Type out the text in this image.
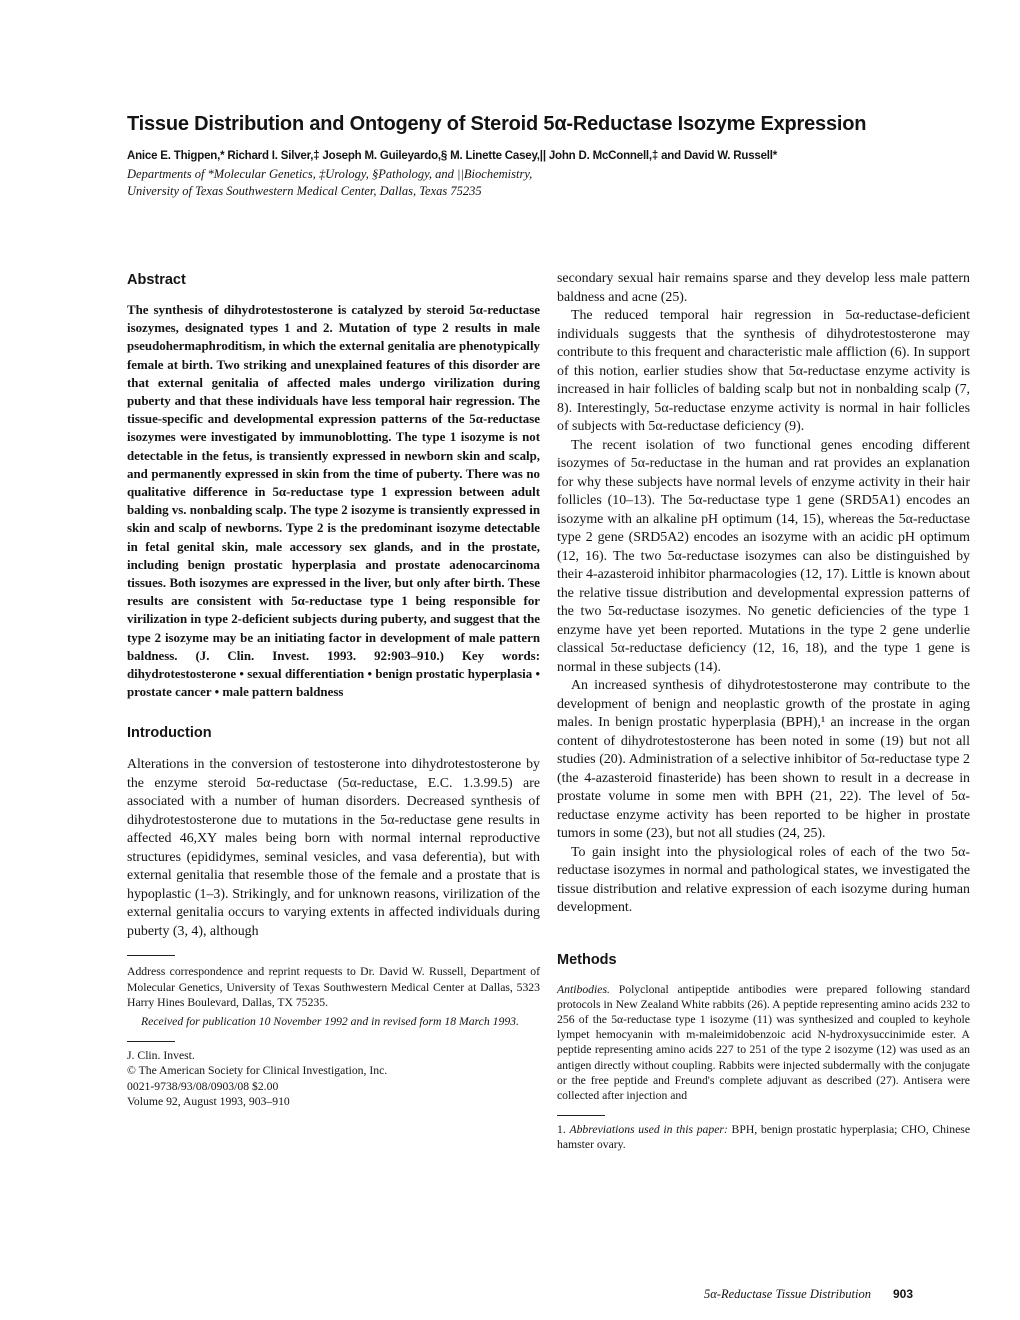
Tissue Distribution and Ontogeny of Steroid 5α-Reductase Isozyme Expression
Anice E. Thigpen,* Richard I. Silver,‡ Joseph M. Guileyardo,§ M. Linette Casey,|| John D. McConnell,‡ and David W. Russell*
Departments of *Molecular Genetics, ‡Urology, §Pathology, and ||Biochemistry,
University of Texas Southwestern Medical Center, Dallas, Texas 75235
Abstract

The synthesis of dihydrotestosterone is catalyzed by steroid 5α-reductase isozymes, designated types 1 and 2. Mutation of type 2 results in male pseudohermaphroditism, in which the external genitalia are phenotypically female at birth. Two striking and unexplained features of this disorder are that external genitalia of affected males undergo virilization during puberty and that these individuals have less temporal hair regression. The tissue-specific and developmental expression patterns of the 5α-reductase isozymes were investigated by immunoblotting. The type 1 isozyme is not detectable in the fetus, is transiently expressed in newborn skin and scalp, and permanently expressed in skin from the time of puberty. There was no qualitative difference in 5α-reductase type 1 expression between adult balding vs. nonbalding scalp. The type 2 isozyme is transiently expressed in skin and scalp of newborns. Type 2 is the predominant isozyme detectable in fetal genital skin, male accessory sex glands, and in the prostate, including benign prostatic hyperplasia and prostate adenocarcinoma tissues. Both isozymes are expressed in the liver, but only after birth. These results are consistent with 5α-reductase type 1 being responsible for virilization in type 2-deficient subjects during puberty, and suggest that the type 2 isozyme may be an initiating factor in development of male pattern baldness. (J. Clin. Invest. 1993. 92:903–910.) Key words: dihydrotestosterone • sexual differentiation • benign prostatic hyperplasia • prostate cancer • male pattern baldness

Introduction

Alterations in the conversion of testosterone into dihydrotestosterone by the enzyme steroid 5α-reductase (5α-reductase, E.C. 1.3.99.5) are associated with a number of human disorders. Decreased synthesis of dihydrotestosterone due to mutations in the 5α-reductase gene results in affected 46,XY males being born with normal internal reproductive structures (epididymes, seminal vesicles, and vasa deferentia), but with external genitalia that resemble those of the female and a prostate that is hypoplastic (1–3). Strikingly, and for unknown reasons, virilization of the external genitalia occurs to varying extents in affected individuals during puberty (3, 4), although

Address correspondence and reprint requests to Dr. David W. Russell, Department of Molecular Genetics, University of Texas Southwestern Medical Center at Dallas, 5323 Harry Hines Boulevard, Dallas, TX 75235.

Received for publication 10 November 1992 and in revised form 18 March 1993.

J. Clin. Invest.

© The American Society for Clinical Investigation, Inc.

0021-9738/93/08/0903/08 $2.00

Volume 92, August 1993, 903–910

secondary sexual hair remains sparse and they develop less male pattern baldness and acne (25).

The reduced temporal hair regression in 5α-reductase-deficient individuals suggests that the synthesis of dihydrotestosterone may contribute to this frequent and characteristic male affliction (6). In support of this notion, earlier studies show that 5α-reductase enzyme activity is increased in hair follicles of balding scalp but not in nonbalding scalp (7, 8). Interestingly, 5α-reductase enzyme activity is normal in hair follicles of subjects with 5α-reductase deficiency (9).

The recent isolation of two functional genes encoding different isozymes of 5α-reductase in the human and rat provides an explanation for why these subjects have normal levels of enzyme activity in their hair follicles (10–13). The 5α-reductase type 1 gene (SRD5A1) encodes an isozyme with an alkaline pH optimum (14, 15), whereas the 5α-reductase type 2 gene (SRD5A2) encodes an isozyme with an acidic pH optimum (12, 16). The two 5α-reductase isozymes can also be distinguished by their 4-azasteroid inhibitor pharmacologies (12, 17). Little is known about the relative tissue distribution and developmental expression patterns of the two 5α-reductase isozymes. No genetic deficiencies of the type 1 enzyme have yet been reported. Mutations in the type 2 gene underlie classical 5α-reductase deficiency (12, 16, 18), and the type 1 gene is normal in these subjects (14).

An increased synthesis of dihydrotestosterone may contribute to the development of benign and neoplastic growth of the prostate in aging males. In benign prostatic hyperplasia (BPH),¹ an increase in the organ content of dihydrotestosterone has been noted in some (19) but not all studies (20). Administration of a selective inhibitor of 5α-reductase type 2 (the 4-azasteroid finasteride) has been shown to result in a decrease in prostate volume in some men with BPH (21, 22). The level of 5α-reductase enzyme activity has been reported to be higher in prostate tumors in some (23), but not all studies (24, 25).

To gain insight into the physiological roles of each of the two 5α-reductase isozymes in normal and pathological states, we investigated the tissue distribution and relative expression of each isozyme during human development.

Methods

Antibodies. Polyclonal antipeptide antibodies were prepared following standard protocols in New Zealand White rabbits (26). A peptide representing amino acids 232 to 256 of the 5α-reductase type 1 isozyme (11) was synthesized and coupled to keyhole lympet hemocyanin with m-maleimidobenzoic acid N-hydroxysuccinimide ester. A peptide representing amino acids 227 to 251 of the type 2 isozyme (12) was used as an antigen directly without coupling. Rabbits were injected subdermally with the conjugate or the free peptide and Freund's complete adjuvant as described (27). Antisera were collected after injection and

1. Abbreviations used in this paper: BPH, benign prostatic hyperplasia; CHO, Chinese hamster ovary.

5α-Reductase Tissue Distribution 903
